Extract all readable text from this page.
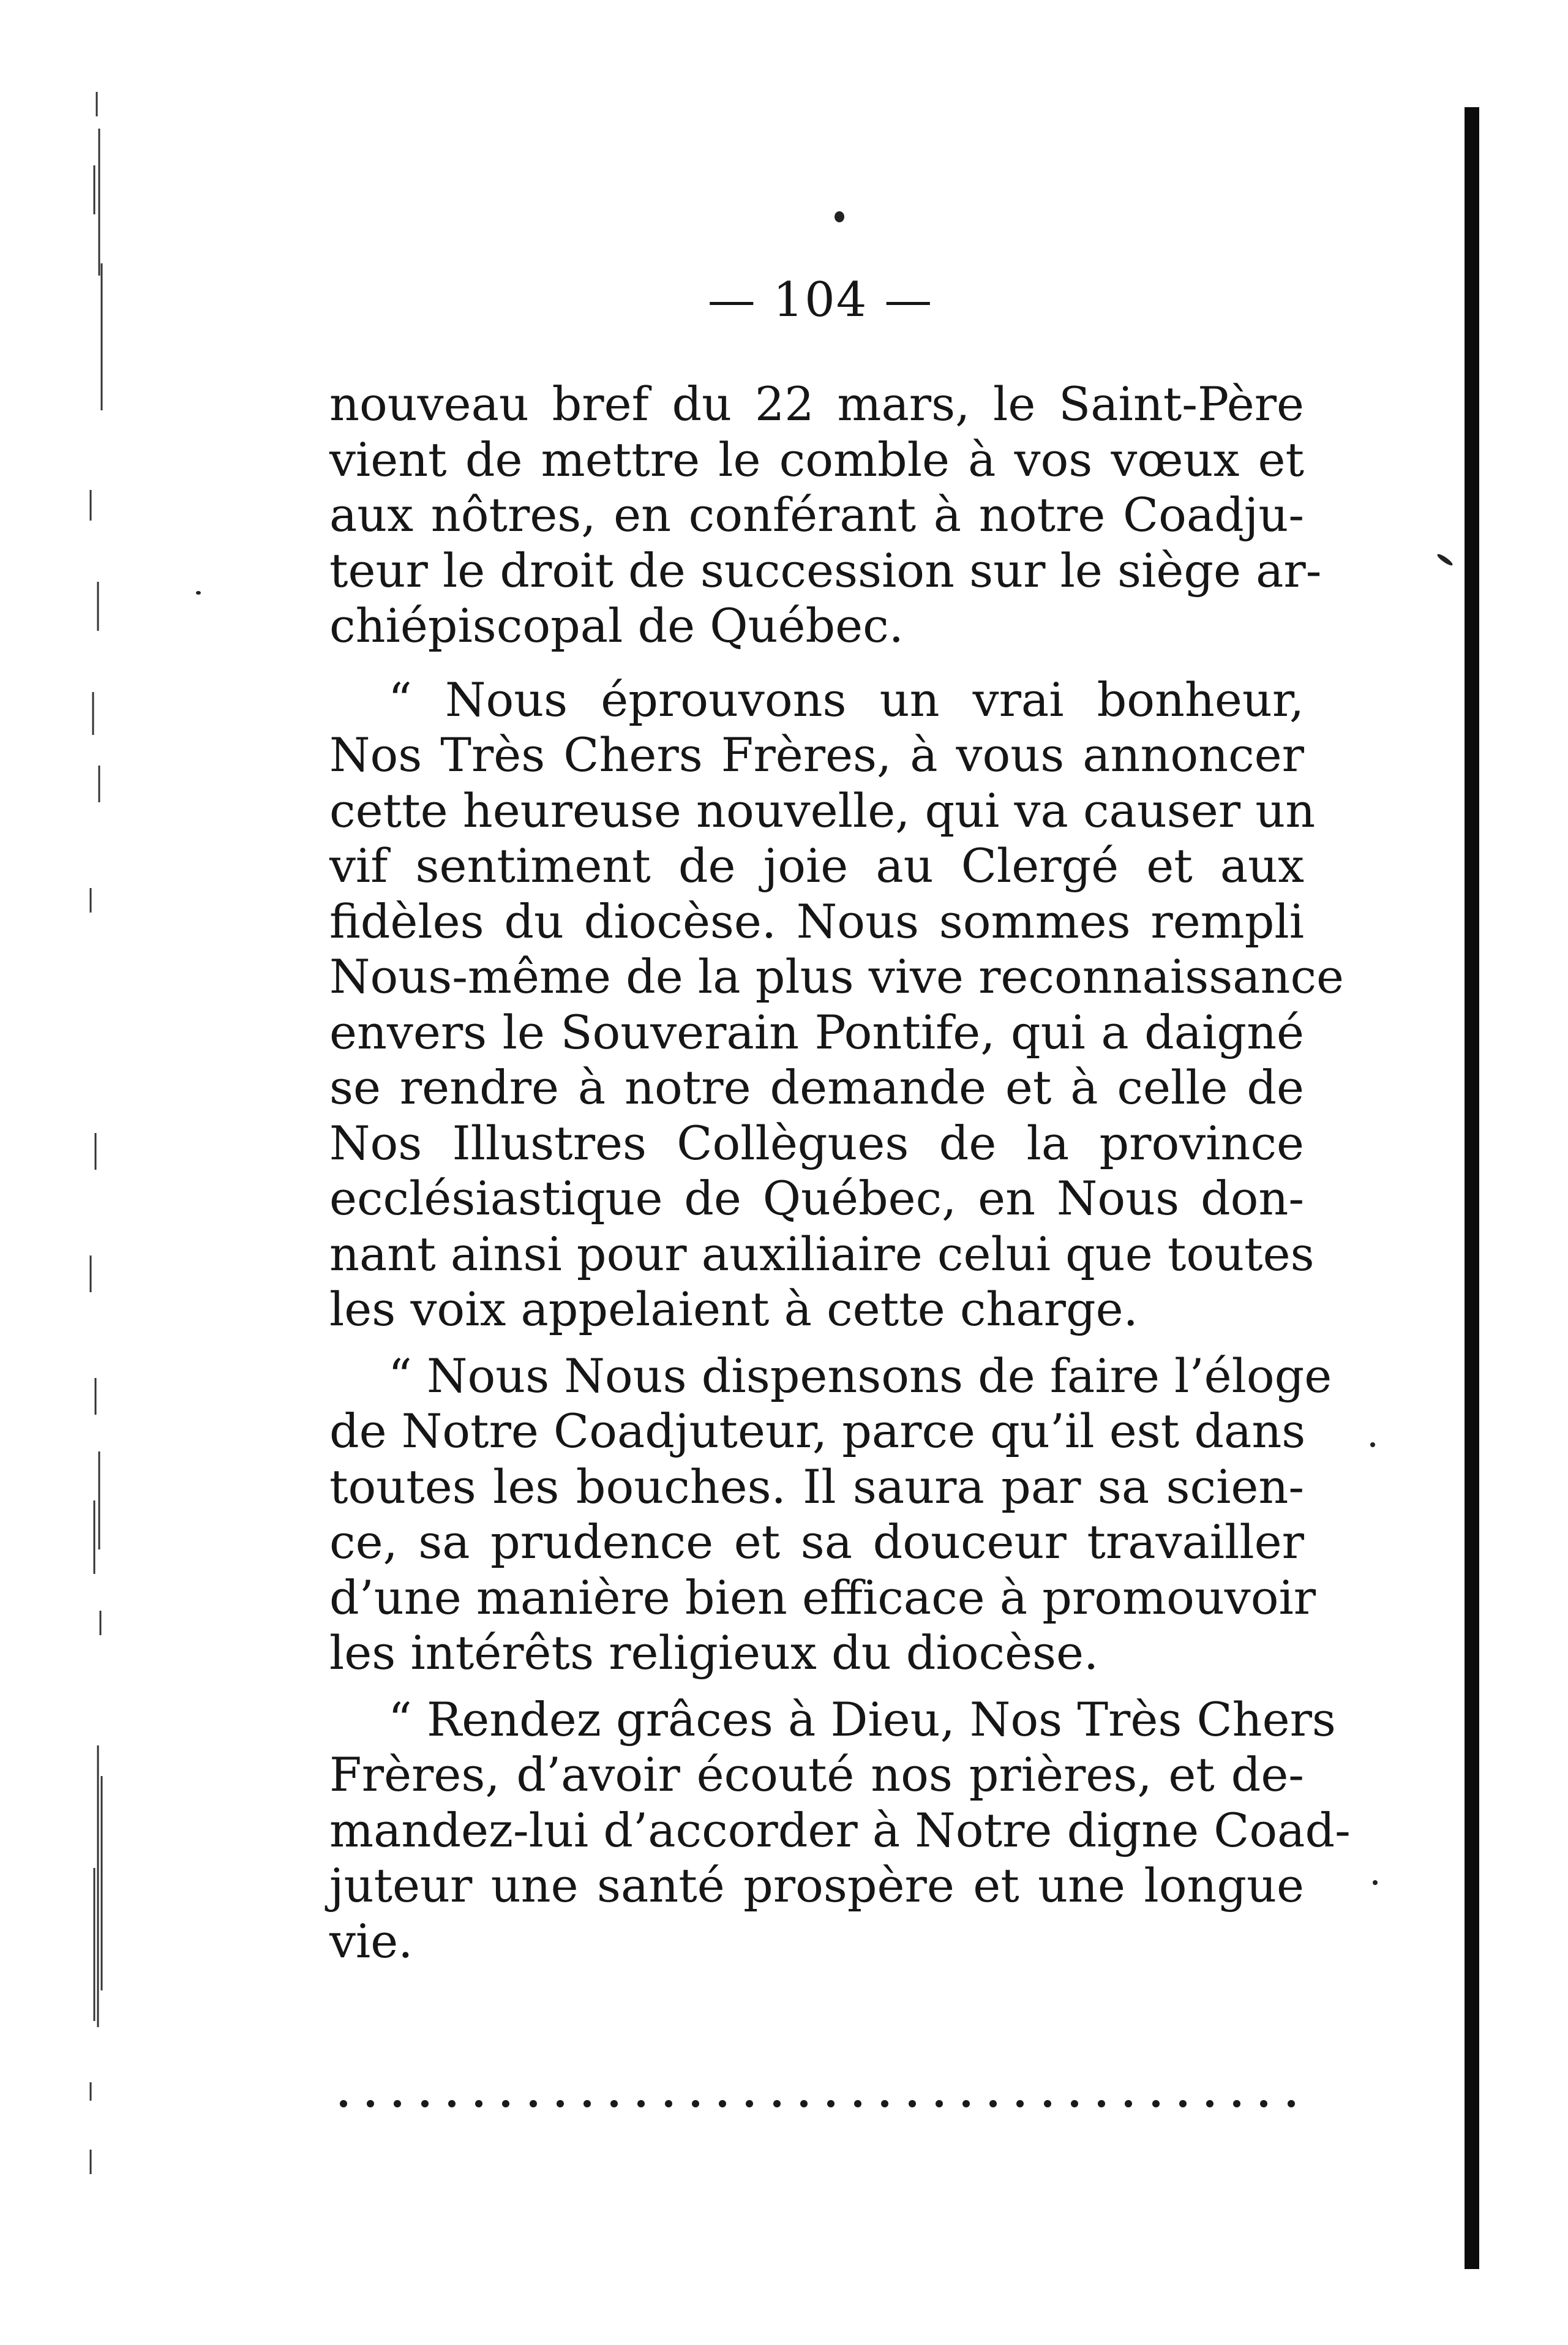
— 104 —
nouveau bref du 22 mars, le Saint-Père
vient de mettre le comble à vos vœux et
aux nôtres, en conférant à notre Coadju-
teur le droit de succession sur le siège ar-
chiépiscopal de Québec.
“ Nous éprouvons un vrai bonheur,
Nos Très Chers Frères, à vous annoncer
cette heureuse nouvelle, qui va causer un
vif sentiment de joie au Clergé et aux
fidèles du diocèse. Nous sommes rempli
Nous-même de la plus vive reconnaissance
envers le Souverain Pontife, qui a daigné
se rendre à notre demande et à celle de
Nos Illustres Collègues de la province
ecclésiastique de Québec, en Nous don-
nant ainsi pour auxiliaire celui que toutes
les voix appelaient à cette charge.
“ Nous Nous dispensons de faire l’éloge
de Notre Coadjuteur, parce qu’il est dans
toutes les bouches. Il saura par sa scien-
ce, sa prudence et sa douceur travailler
d’une manière bien efficace à promouvoir
les intérêts religieux du diocèse.
“ Rendez grâces à Dieu, Nos Très Chers
Frères, d’avoir écouté nos prières, et de-
mandez-lui d’accorder à Notre digne Coad-
juteur une santé prospère et une longue
vie.
